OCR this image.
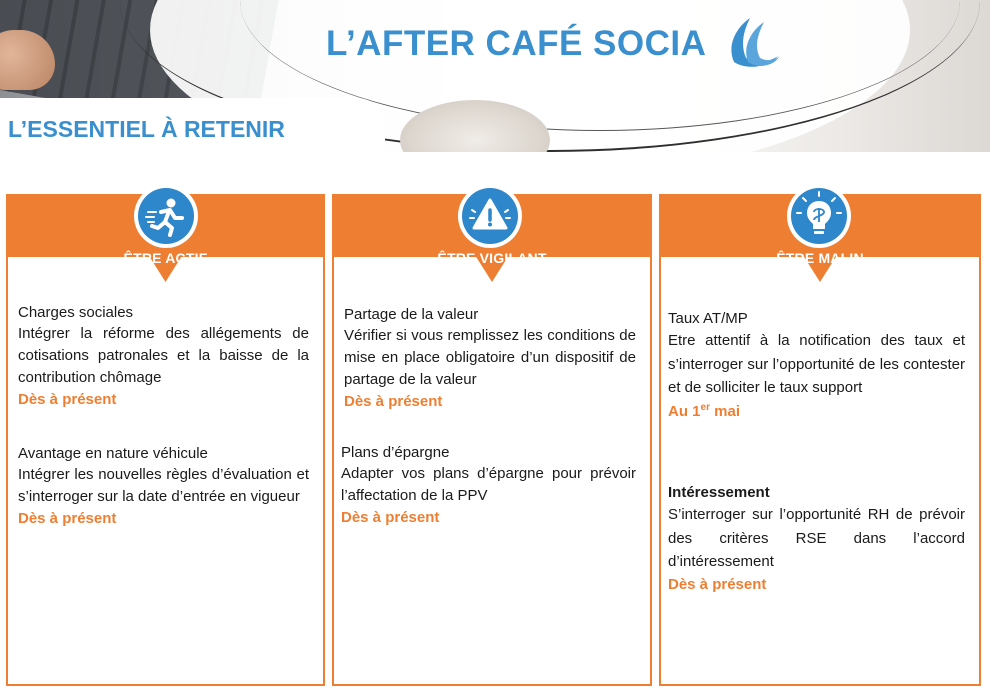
L’AFTER CAFÉ SOCIA
L’ESSENTIEL À RETENIR
ÊTRE ACTIF

Charges sociales

Intégrer la réforme des allégements de cotisations patronales et la baisse de la contribution chômage

Dès à présent

Avantage en nature véhicule

Intégrer les nouvelles règles d’évaluation et s’interroger sur la date d’entrée en vigueur

Dès à présent
ÊTRE VIGILANT

Partage de la valeur

Vérifier si vous remplissez les conditions de mise en place obligatoire d’un dispositif de partage de la valeur

Dès à présent

Plans d’épargne

Adapter vos plans d’épargne pour prévoir l’affectation de la PPV

Dès à présent
ÊTRE MALIN

Taux AT/MP

Etre attentif à la notification des taux et s’interroger sur l’opportunité de les contester et de solliciter le taux support

Au 1er mai

Intéressement

S’interroger sur l’opportunité RH de prévoir des critères RSE dans l’accord d’intéressement

Dès à présent
